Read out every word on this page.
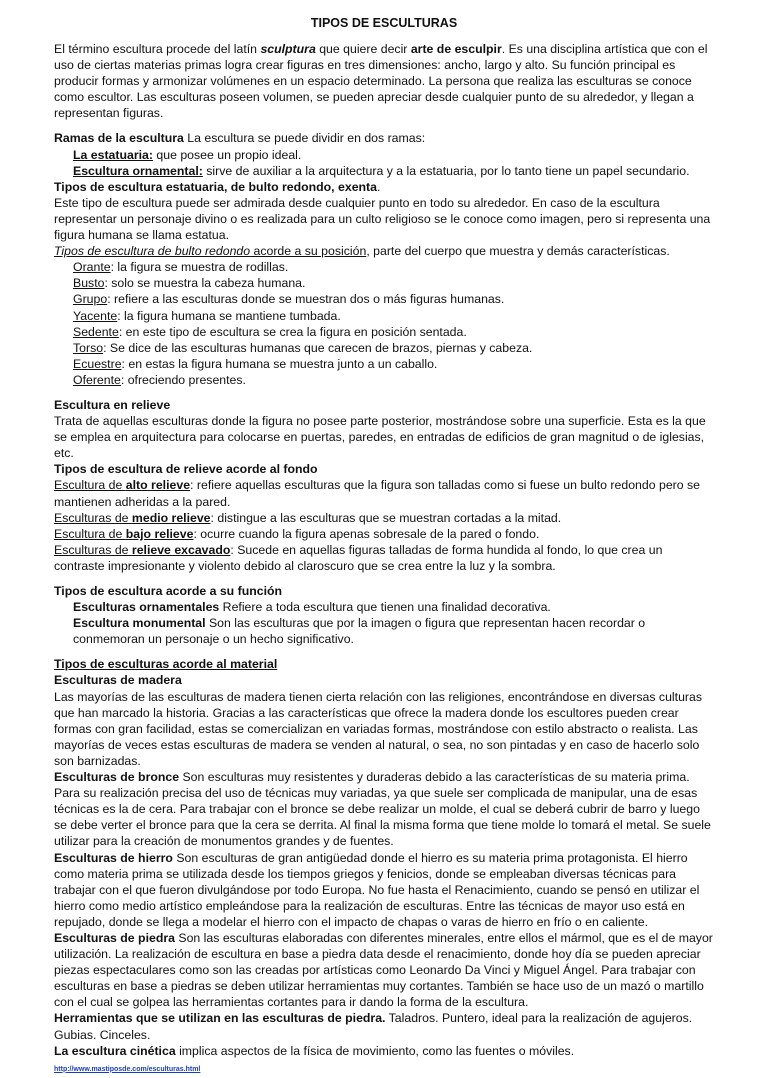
TIPOS DE ESCULTURAS

El término escultura procede del latín sculptura que quiere decir arte de esculpir. Es una disciplina artística que con el uso de ciertas materias primas logra crear figuras en tres dimensiones: ancho, largo y alto. Su función principal es producir formas y armonizar volúmenes en un espacio determinado. La persona que realiza las esculturas se conoce como escultor. Las esculturas poseen volumen, se pueden apreciar desde cualquier punto de su alrededor, y llegan a representan figuras.

Ramas de la escultura La escultura se puede dividir en dos ramas:

La estatuaria: que posee un propio ideal.

Escultura ornamental: sirve de auxiliar a la arquitectura y a la estatuaria, por lo tanto tiene un papel secundario.

Tipos de escultura estatuaria, de bulto redondo, exenta.

Este tipo de escultura puede ser admirada desde cualquier punto en todo su alrededor. En caso de la escultura representar un personaje divino o es realizada para un culto religioso se le conoce como imagen, pero si representa una figura humana se llama estatua.

Tipos de escultura de bulto redondo acorde a su posición, parte del cuerpo que muestra y demás características.

Orante: la figura se muestra de rodillas.

Busto: solo se muestra la cabeza humana.

Grupo: refiere a las esculturas donde se muestran dos o más figuras humanas.

Yacente: la figura humana se mantiene tumbada.

Sedente: en este tipo de escultura se crea la figura en posición sentada.

Torso: Se dice de las esculturas humanas que carecen de brazos, piernas y cabeza.

Ecuestre: en estas la figura humana se muestra junto a un caballo.

Oferente: ofreciendo presentes.

Escultura en relieve

Trata de aquellas esculturas donde la figura no posee parte posterior, mostrándose sobre una superficie. Esta es la que se emplea en arquitectura para colocarse en puertas, paredes, en entradas de edificios de gran magnitud o de iglesias, etc.

Tipos de escultura de relieve acorde al fondo

Escultura de alto relieve: refiere aquellas esculturas que la figura son talladas como si fuese un bulto redondo pero se mantienen adheridas a la pared.

Esculturas de medio relieve: distingue a las esculturas que se muestran cortadas a la mitad.

Escultura de bajo relieve: ocurre cuando la figura apenas sobresale de la pared o fondo.

Esculturas de relieve excavado: Sucede en aquellas figuras talladas de forma hundida al fondo, lo que crea un contraste impresionante y violento debido al claroscuro que se crea entre la luz y la sombra.

Tipos de escultura acorde a su función

Esculturas ornamentales Refiere a toda escultura que tienen una finalidad decorativa.

Escultura monumental Son las esculturas que por la imagen o figura que representan hacen recordar o conmemoran un personaje o un hecho significativo.

Tipos de esculturas acorde al material

Esculturas de madera

Las mayorías de las esculturas de madera tienen cierta relación con las religiones, encontrándose en diversas culturas que han marcado la historia. Gracias a las características que ofrece la madera donde los escultores pueden crear formas con gran facilidad, estas se comercializan en variadas formas, mostrándose con estilo abstracto o realista. Las mayorías de veces estas esculturas de madera se venden al natural, o sea, no son pintadas y en caso de hacerlo solo son barnizadas.

Esculturas de bronce Son esculturas muy resistentes y duraderas debido a las características de su materia prima. Para su realización precisa del uso de técnicas muy variadas, ya que suele ser complicada de manipular, una de esas técnicas es la de cera. Para trabajar con el bronce se debe realizar un molde, el cual se deberá cubrir de barro y luego se debe verter el bronce para que la cera se derrita. Al final la misma forma que tiene molde lo tomará el metal. Se suele utilizar para la creación de monumentos grandes y de fuentes.

Esculturas de hierro Son esculturas de gran antigüedad donde el hierro es su materia prima protagonista. El hierro como materia prima se utilizada desde los tiempos griegos y fenicios, donde se empleaban diversas técnicas para trabajar con el que fueron divulgándose por todo Europa. No fue hasta el Renacimiento, cuando se pensó en utilizar el hierro como medio artístico empleándose para la realización de esculturas. Entre las técnicas de mayor uso está en repujado, donde se llega a modelar el hierro con el impacto de chapas o varas de hierro en frío o en caliente.

Esculturas de piedra Son las esculturas elaboradas con diferentes minerales, entre ellos el mármol, que es el de mayor utilización. La realización de escultura en base a piedra data desde el renacimiento, donde hoy día se pueden apreciar piezas espectaculares como son las creadas por artísticas como Leonardo Da Vinci y Miguel Ángel. Para trabajar con esculturas en base a piedras se deben utilizar herramientas muy cortantes. También se hace uso de un mazó o martillo con el cual se golpea las herramientas cortantes para ir dando la forma de la escultura.

Herramientas que se utilizan en las esculturas de piedra. Taladros. Puntero, ideal para la realización de agujeros. Gubias. Cinceles.

La escultura cinética implica aspectos de la física de movimiento, como las fuentes o móviles. http://www.mastiposde.com/esculturas.html
